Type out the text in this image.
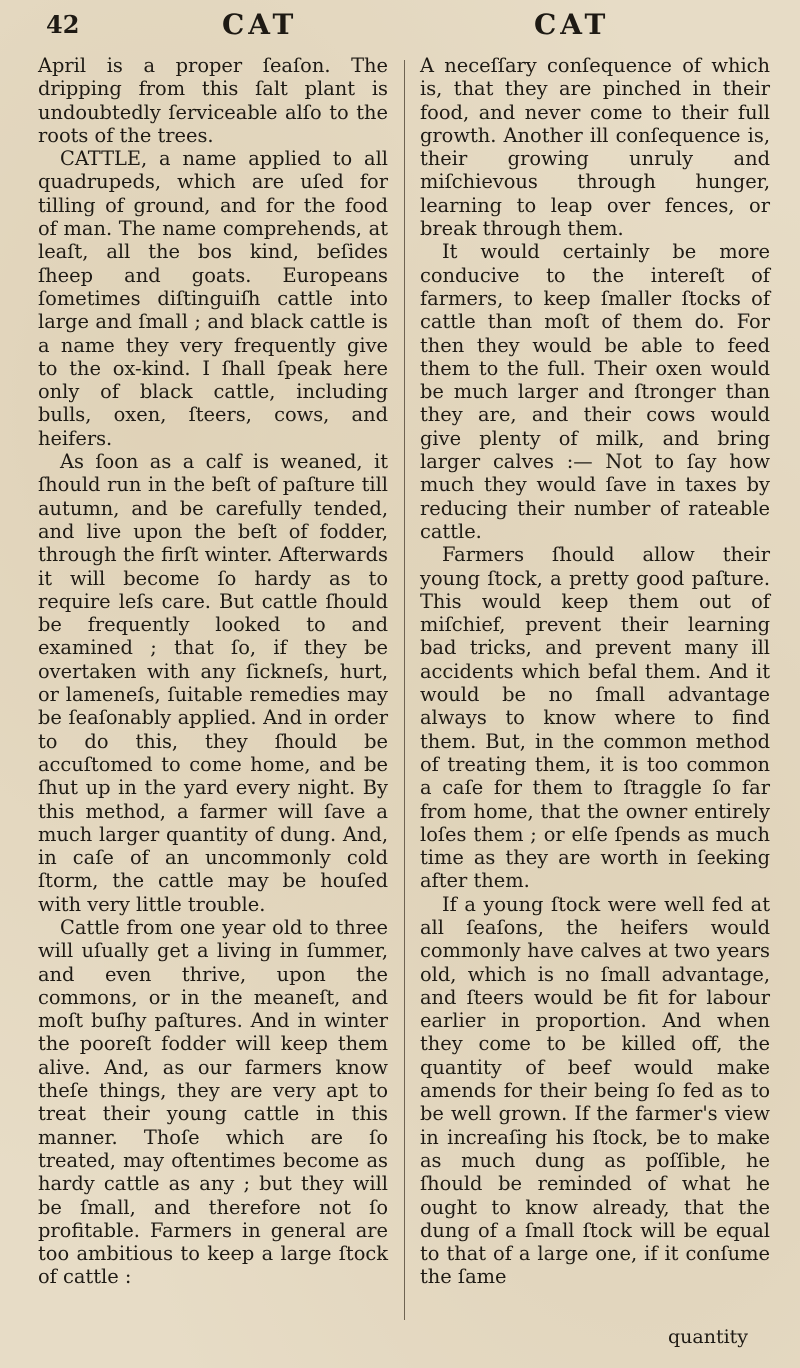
42	CAT	CAT

April is a proper ſeaſon. The dripping from this ſalt plant is undoubtedly ſerviceable alſo to the roots of the trees.

CATTLE, a name applied to all quadrupeds, which are uſed for tilling of ground, and for the food of man. The name comprehends, at leaſt, all the bos kind, beſides ſheep and goats. Europeans ſometimes diſtinguiſh cattle into large and ſmall ; and black cattle is a name they very frequently give to the ox-kind. I ſhall ſpeak here only of black cattle, including bulls, oxen, ſteers, cows, and heifers.

As ſoon as a calf is weaned, it ſhould run in the beſt of paſture till autumn, and be carefully tended, and live upon the beſt of fodder, through the firſt winter. Afterwards it will become ſo hardy as to require leſs care. But cattle ſhould be frequently looked to and examined ; that ſo, if they be overtaken with any ſickneſs, hurt, or lameneſs, ſuitable remedies may be ſeaſonably applied. And in order to do this, they ſhould be accuſtomed to come home, and be ſhut up in the yard every night. By this method, a farmer will ſave a much larger quantity of dung. And, in caſe of an uncommonly cold ſtorm, the cattle may be houſed with very little trouble.

Cattle from one year old to three will uſually get a living in ſummer, and even thrive, upon the commons, or in the meaneſt, and moſt buſhy paſtures. And in winter the pooreſt fodder will keep them alive. And, as our farmers know theſe things, they are very apt to treat their young cattle in this manner. Thoſe which are ſo treated, may oftentimes become as hardy cattle as any ; but they will be ſmall, and therefore not ſo profitable. Farmers in general are too ambitious to keep a large ſtock of cattle :

A neceſſary conſequence of which is, that they are pinched in their food, and never come to their full growth. Another ill conſequence is, their growing unruly and miſchievous through hunger, learning to leap over fences, or break through them.

It would certainly be more conducive to the intereſt of farmers, to keep ſmaller ſtocks of cattle than moſt of them do. For then they would be able to feed them to the full. Their oxen would be much larger and ſtronger than they are, and their cows would give plenty of milk, and bring larger calves :— Not to ſay how much they would ſave in taxes by reducing their number of rateable cattle.

Farmers ſhould allow their young ſtock, a pretty good paſture. This would keep them out of miſchief, prevent their learning bad tricks, and prevent many ill accidents which befal them. And it would be no ſmall advantage always to know where to find them. But, in the common method of treating them, it is too common a caſe for them to ſtraggle ſo far from home, that the owner entirely loſes them ; or elſe ſpends as much time as they are worth in ſeeking after them.

If a young ſtock were well fed at all ſeaſons, the heifers would commonly have calves at two years old, which is no ſmall advantage, and ſteers would be fit for labour earlier in proportion. And when they come to be killed off, the quantity of beef would make amends for their being ſo fed as to be well grown. If the farmer's view in increaſing his ſtock, be to make as much dung as poſſible, he ſhould be reminded of what he ought to know already, that the dung of a ſmall ſtock will be equal to that of a large one, if it conſume the ſame

quantity
